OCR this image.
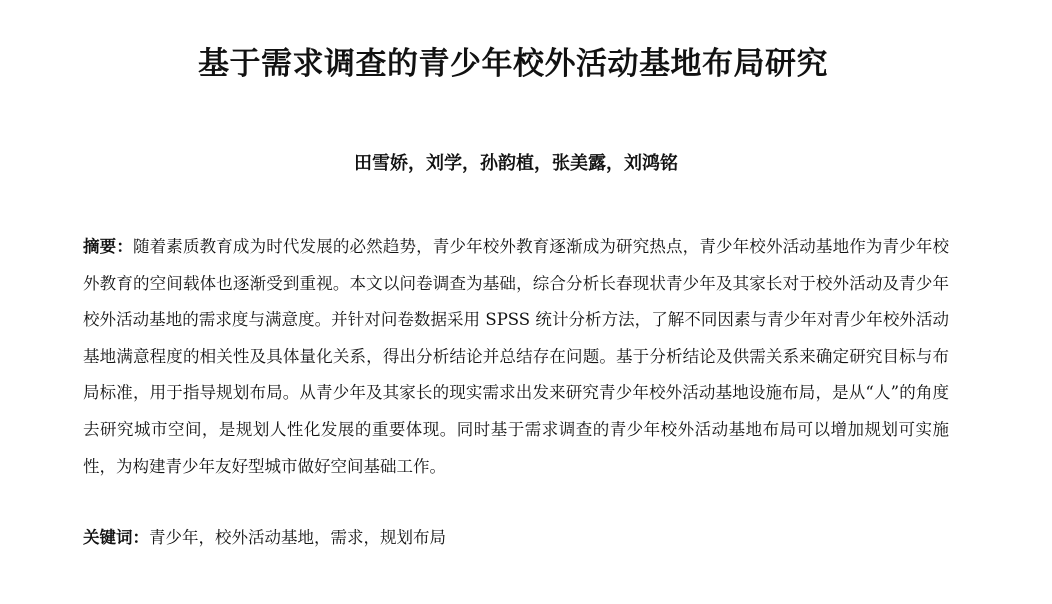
基于需求调查的青少年校外活动基地布局研究
田雪娇，刘学，孙韵植，张美露，刘鸿铭

摘要：随着素质教育成为时代发展的必然趋势，青少年校外教育逐渐成为研究热点，青少年校外活动基地作为青少年校外教育的空间载体也逐渐受到重视。本文以问卷调查为基础，综合分析长春现状青少年及其家长对于校外活动及青少年校外活动基地的需求度与满意度。并针对问卷数据采用 SPSS 统计分析方法，了解不同因素与青少年对青少年校外活动基地满意程度的相关性及具体量化关系，得出分析结论并总结存在问题。基于分析结论及供需关系来确定研究目标与布局标准，用于指导规划布局。从青少年及其家长的现实需求出发来研究青少年校外活动基地设施布局，是从“人”的角度去研究城市空间，是规划人性化发展的重要体现。同时基于需求调查的青少年校外活动基地布局可以增加规划可实施性，为构建青少年友好型城市做好空间基础工作。

关键词：青少年，校外活动基地，需求，规划布局
